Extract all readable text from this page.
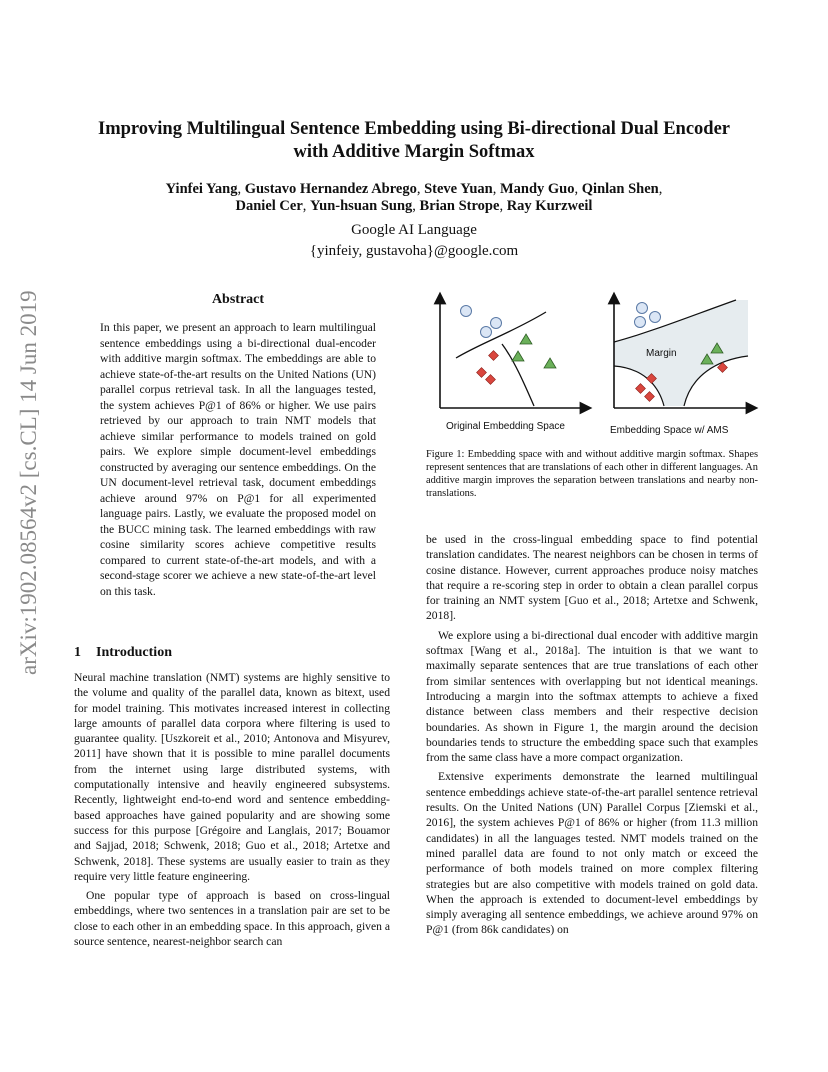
arXiv:1902.08564v2 [cs.CL] 14 Jun 2019
Improving Multilingual Sentence Embedding using Bi-directional Dual Encoder
with Additive Margin Softmax
Yinfei Yang, Gustavo Hernandez Abrego, Steve Yuan, Mandy Guo, Qinlan Shen,
Daniel Cer, Yun-hsuan Sung, Brian Strope, Ray Kurzweil
Google AI Language
{yinfeiy, gustavoha}@google.com
Abstract
In this paper, we present an approach to learn multilingual sentence embeddings using a bi-directional dual-encoder with additive margin softmax. The embeddings are able to achieve state-of-the-art results on the United Nations (UN) parallel corpus retrieval task. In all the languages tested, the system achieves P@1 of 86% or higher. We use pairs retrieved by our approach to train NMT models that achieve similar performance to models trained on gold pairs. We explore simple document-level embeddings constructed by averaging our sentence embeddings. On the UN document-level retrieval task, document embeddings achieve around 97% on P@1 for all experimented language pairs. Lastly, we evaluate the proposed model on the BUCC mining task. The learned embeddings with raw cosine similarity scores achieve competitive results compared to current state-of-the-art models, and with a second-stage scorer we achieve a new state-of-the-art level on this task.
1 Introduction

Neural machine translation (NMT) systems are highly sensitive to the volume and quality of the parallel data, known as bitext, used for model training. This motivates increased interest in collecting large amounts of parallel data corpora where filtering is used to guarantee quality. [Uszkoreit et al., 2010; Antonova and Misyurev, 2011] have shown that it is possible to mine parallel documents from the internet using large distributed systems, with computationally intensive and heavily engineered subsystems. Recently, lightweight end-to-end word and sentence embedding-based approaches have gained popularity and are showing some success for this purpose [Grégoire and Langlais, 2017; Bouamor and Sajjad, 2018; Schwenk, 2018; Guo et al., 2018; Artetxe and Schwenk, 2018]. These systems are usually easier to train as they require very little feature engineering.

One popular type of approach is based on cross-lingual embeddings, where two sentences in a translation pair are set to be close to each other in an embedding space. In this approach, given a source sentence, nearest-neighbor search can

Original Embedding Space
Margin
Embedding Space w/ AMS
Figure 1: Embedding space with and without additive margin softmax. Shapes represent sentences that are translations of each other in different languages. An additive margin improves the separation between translations and nearby non-translations.

be used in the cross-lingual embedding space to find potential translation candidates. The nearest neighbors can be chosen in terms of cosine distance. However, current approaches produce noisy matches that require a re-scoring step in order to obtain a clean parallel corpus for training an NMT system [Guo et al., 2018; Artetxe and Schwenk, 2018].

We explore using a bi-directional dual encoder with additive margin softmax [Wang et al., 2018a]. The intuition is that we want to maximally separate sentences that are true translations of each other from similar sentences with overlapping but not identical meanings. Introducing a margin into the softmax attempts to achieve a fixed distance between class members and their respective decision boundaries. As shown in Figure 1, the margin around the decision boundaries tends to structure the embedding space such that examples from the same class have a more compact organization.

Extensive experiments demonstrate the learned multilingual sentence embeddings achieve state-of-the-art parallel sentence retrieval results. On the United Nations (UN) Parallel Corpus [Ziemski et al., 2016], the system achieves P@1 of 86% or higher (from 11.3 million candidates) in all the languages tested. NMT models trained on the mined parallel data are found to not only match or exceed the performance of both models trained on more complex filtering strategies but are also competitive with models trained on gold data. When the approach is extended to document-level embeddings by simply averaging all sentence embeddings, we achieve around 97% on P@1 (from 86k candidates) on
